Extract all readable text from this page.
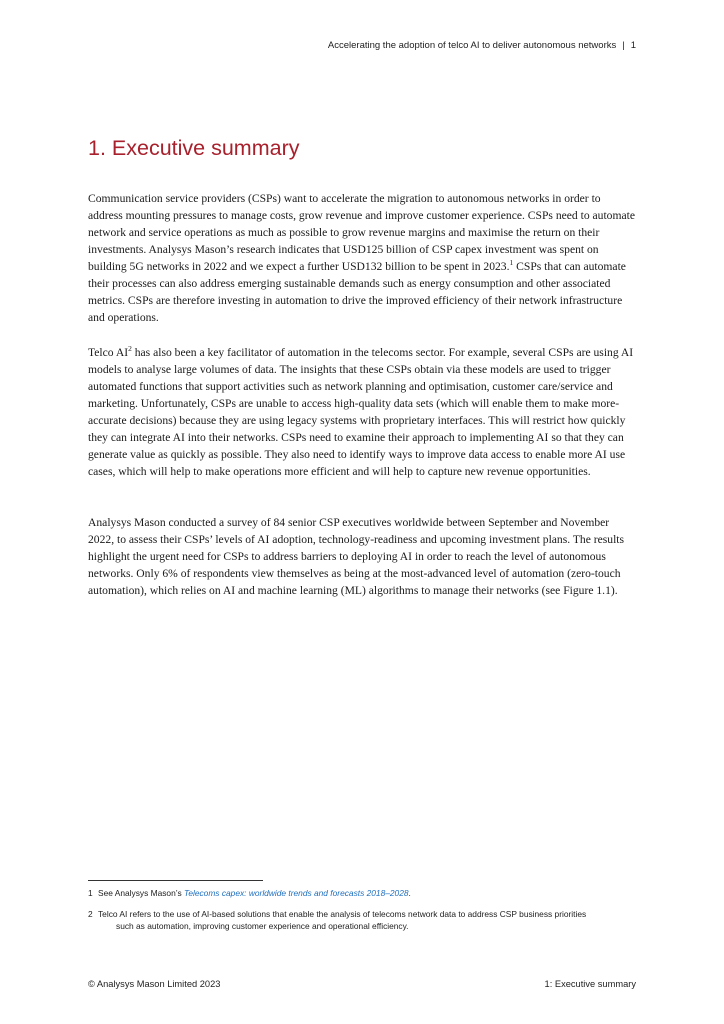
Accelerating the adoption of telco AI to deliver autonomous networks | 1
1. Executive summary

Communication service providers (CSPs) want to accelerate the migration to autonomous networks in order to address mounting pressures to manage costs, grow revenue and improve customer experience. CSPs need to automate network and service operations as much as possible to grow revenue margins and maximise the return on their investments. Analysys Mason’s research indicates that USD125 billion of CSP capex investment was spent on building 5G networks in 2022 and we expect a further USD132 billion to be spent in 2023.$^1$ CSPs that can automate their processes can also address emerging sustainable demands such as energy consumption and other associated metrics. CSPs are therefore investing in automation to drive the improved efficiency of their network infrastructure and operations.

Telco $AI^2$ has also been a key facilitator of automation in the telecoms sector. For example, several CSPs are using AI models to analyse large volumes of data. The insights that these CSPs obtain via these models are used to trigger automated functions that support activities such as network planning and optimisation, customer care/service and marketing. Unfortunately, CSPs are unable to access high-quality data sets (which will enable them to make more-accurate decisions) because they are using legacy systems with proprietary interfaces. This will restrict how quickly they can integrate AI into their networks. CSPs need to examine their approach to implementing AI so that they can generate value as quickly as possible. They also need to identify ways to improve data access to enable more AI use cases, which will help to make operations more efficient and will help to capture new revenue opportunities.

Analysys Mason conducted a survey of 84 senior CSP executives worldwide between September and November 2022, to assess their CSPs’ levels of AI adoption, technology-readiness and upcoming investment plans. The results highlight the urgent need for CSPs to address barriers to deploying AI in order to reach the level of autonomous networks. Only 6% of respondents view themselves as being at the most-advanced level of automation (zero-touch automation), which relies on AI and machine learning (ML) algorithms to manage their networks (see Figure 1.1).

1 See Analysys Mason’s Telecoms capex: worldwide trends and forecasts 2018–2028.
2 Telco AI refers to the use of AI-based solutions that enable the analysis of telecoms network data to address CSP business priorities
such as automation, improving customer experience and operational efficiency.
© Analysys Mason Limited 2023	1: Executive summary
